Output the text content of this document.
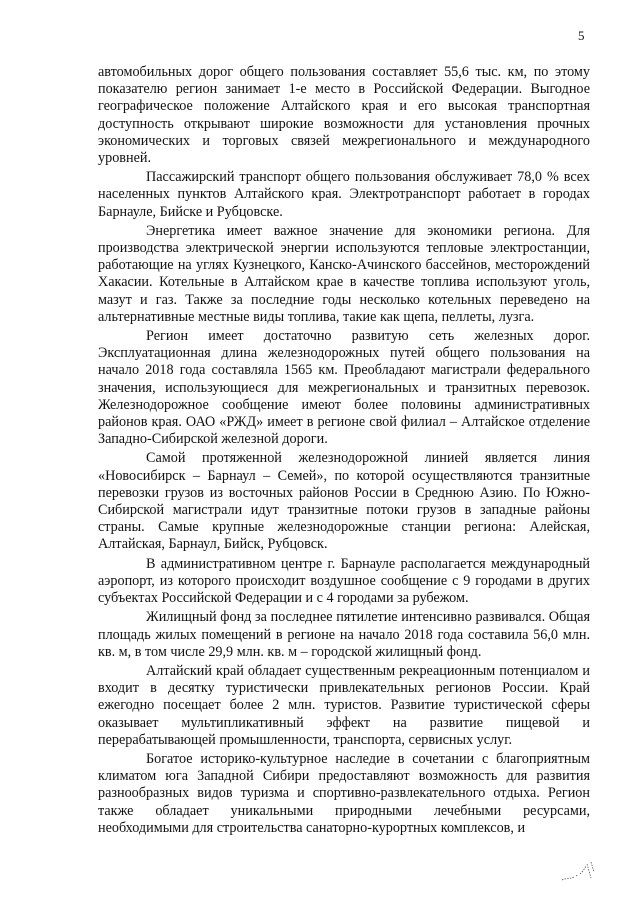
5

автомобильных дорог общего пользования составляет 55,6 тыс. км, по этому показателю регион занимает 1-е место в Российской Федерации. Выгодное географическое положение Алтайского края и его высокая транспортная доступность открывают широкие возможности для установления прочных экономических и торговых связей межрегионального и международного уровней.

Пассажирский транспорт общего пользования обслуживает 78,0 % всех населенных пунктов Алтайского края. Электротранспорт работает в городах Барнауле, Бийске и Рубцовске.

Энергетика имеет важное значение для экономики региона. Для производства электрической энергии используются тепловые электростанции, работающие на углях Кузнецкого, Канско-Ачинского бассейнов, месторождений Хакасии. Котельные в Алтайском крае в качестве топлива используют уголь, мазут и газ. Также за последние годы несколько котельных переведено на альтернативные местные виды топлива, такие как щепа, пеллеты, лузга.

Регион имеет достаточно развитую сеть железных дорог. Эксплуатационная длина железнодорожных путей общего пользования на начало 2018 года составляла 1565 км. Преобладают магистрали федерального значения, использующиеся для межрегиональных и транзитных перевозок. Железнодорожное сообщение имеют более половины административных районов края. ОАО «РЖД» имеет в регионе свой филиал – Алтайское отделение Западно-Сибирской железной дороги.

Самой протяженной железнодорожной линией является линия «Новосибирск – Барнаул – Семей», по которой осуществляются транзитные перевозки грузов из восточных районов России в Среднюю Азию. По Южно-Сибирской магистрали идут транзитные потоки грузов в западные районы страны. Самые крупные железнодорожные станции региона: Алейская, Алтайская, Барнаул, Бийск, Рубцовск.

В административном центре г. Барнауле располагается международный аэропорт, из которого происходит воздушное сообщение с 9 городами в других субъектах Российской Федерации и с 4 городами за рубежом.

Жилищный фонд за последнее пятилетие интенсивно развивался. Общая площадь жилых помещений в регионе на начало 2018 года составила 56,0 млн. кв. м, в том числе 29,9 млн. кв. м – городской жилищный фонд.

Алтайский край обладает существенным рекреационным потенциалом и входит в десятку туристически привлекательных регионов России. Край ежегодно посещает более 2 млн. туристов. Развитие туристической сферы оказывает мультипликативный эффект на развитие пищевой и перерабатывающей промышленности, транспорта, сервисных услуг.

Богатое историко-культурное наследие в сочетании с благоприятным климатом юга Западной Сибири предоставляют возможность для развития разнообразных видов туризма и спортивно-развлекательного отдыха. Регион также обладает уникальными природными лечебными ресурсами, необходимыми для строительства санаторно-курортных комплексов, и
